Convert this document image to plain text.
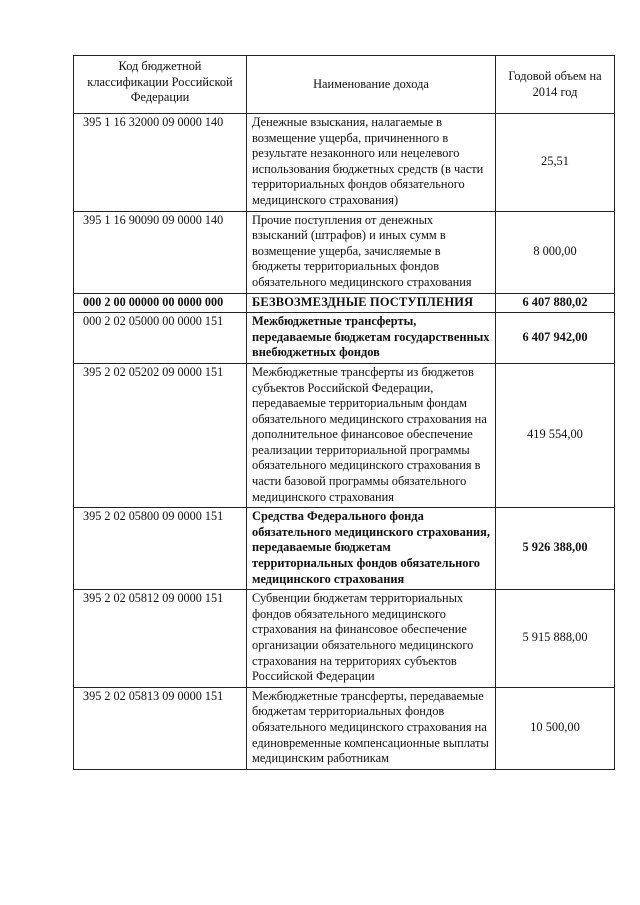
Код бюджетной классификации Российской Федерации	Наименование дохода	Годовой объем на 2014 год
395 1 16 32000 09 0000 140	Денежные взыскания, налагаемые в возмещение ущерба, причиненного в результате незаконного или нецелевого использования бюджетных средств (в части территориальных фондов обязательного медицинского страхования)	25,51
395 1 16 90090 09 0000 140	Прочие поступления от денежных взысканий (штрафов) и иных сумм в возмещение ущерба, зачисляемые в бюджеты территориальных фондов обязательного медицинского страхования	8 000,00
000 2 00 00000 00 0000 000	БЕЗВОЗМЕЗДНЫЕ ПОСТУПЛЕНИЯ	6 407 880,02
000 2 02 05000 00 0000 151	Межбюджетные трансферты, передаваемые бюджетам государственных внебюджетных фондов	6 407 942,00
395 2 02 05202 09 0000 151	Межбюджетные трансферты из бюджетов субъектов Российской Федерации, передаваемые территориальным фондам обязательного медицинского страхования на дополнительное финансовое обеспечение реализации территориальной программы обязательного медицинского страхования в части базовой программы обязательного медицинского страхования	419 554,00
395 2 02 05800 09 0000 151	Средства Федерального фонда обязательного медицинского страхования, передаваемые бюджетам территориальных фондов обязательного медицинского страхования	5 926 388,00
395 2 02 05812 09 0000 151	Субвенции бюджетам территориальных фондов обязательного медицинского страхования на финансовое обеспечение организации обязательного медицинского страхования на территориях субъектов Российской Федерации	5 915 888,00
395 2 02 05813 09 0000 151	Межбюджетные трансферты, передаваемые бюджетам территориальных фондов обязательного медицинского страхования на единовременные компенсационные выплаты медицинским работникам	10 500,00
